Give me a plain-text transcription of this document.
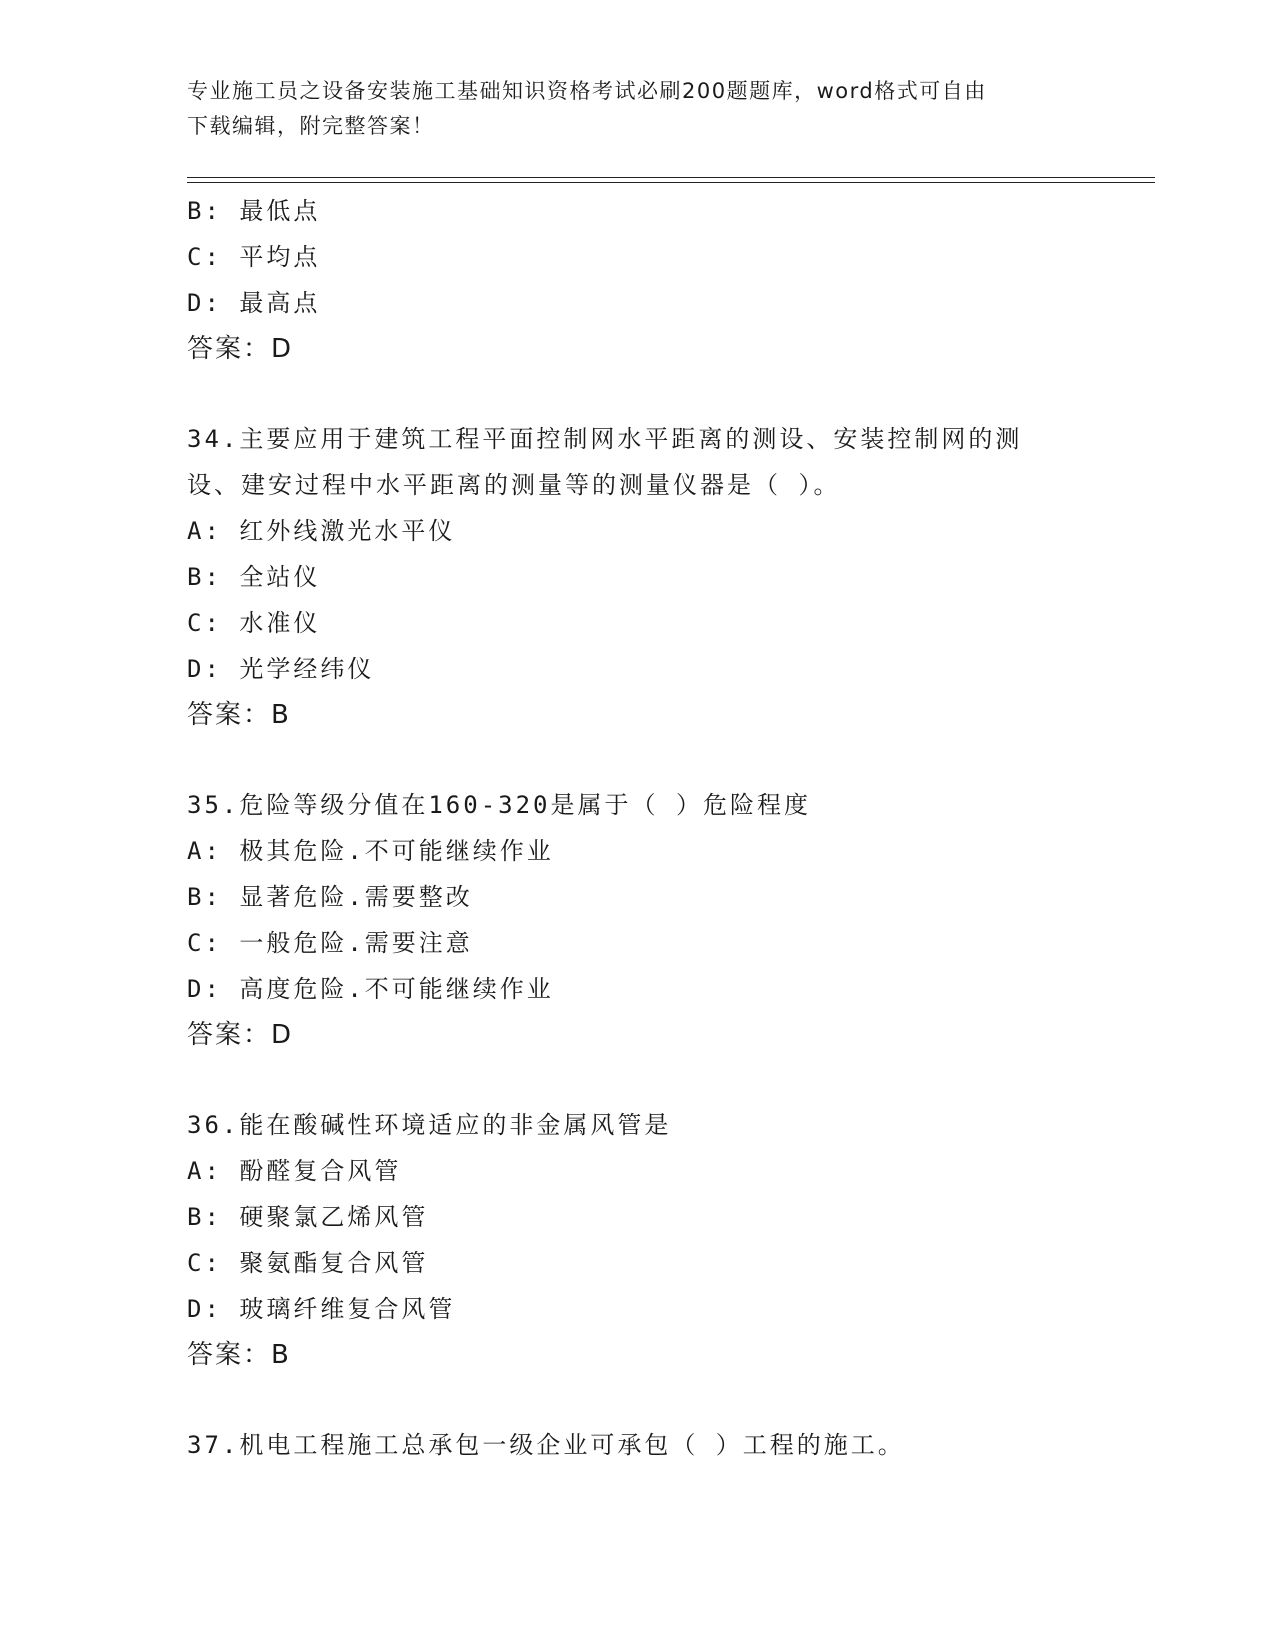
专业施工员之设备安装施工基础知识资格考试必刷200题题库，word格式可自由
下载编辑，附完整答案！
B: 最低点
C: 平均点
D: 最高点
答案：D
34.主要应用于建筑工程平面控制网水平距离的测设、安装控制网的测
设、建安过程中水平距离的测量等的测量仪器是（ ）。
A: 红外线激光水平仪
B: 全站仪
C: 水准仪
D: 光学经纬仪
答案：B
35.危险等级分值在160-320是属于（ ）危险程度
A: 极其危险.不可能继续作业
B: 显著危险.需要整改
C: 一般危险.需要注意
D: 高度危险.不可能继续作业
答案：D
36.能在酸碱性环境适应的非金属风管是
A: 酚醛复合风管
B: 硬聚氯乙烯风管
C: 聚氨酯复合风管
D: 玻璃纤维复合风管
答案：B
37.机电工程施工总承包一级企业可承包（ ）工程的施工。
